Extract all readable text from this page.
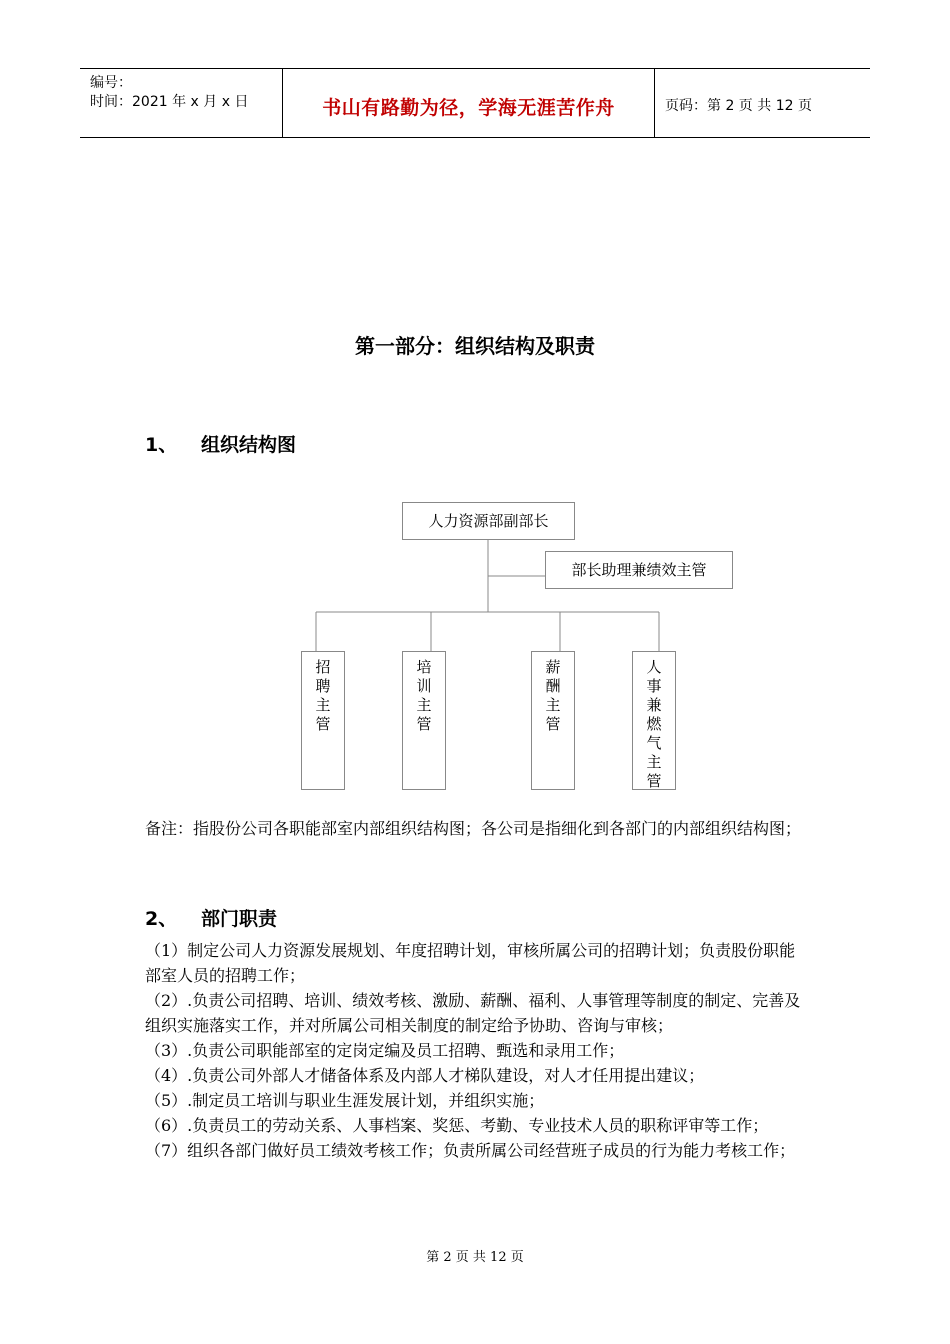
编号：
时间：2021 年 x 月 x 日	书山有路勤为径，学海无涯苦作舟	页码：第 2 页 共 12 页
第一部分：组织结构及职责
1、 组织结构图
人力资源部副部长
部长助理兼绩效主管
招聘主管
培训主管
薪酬主管
人事兼燃气主管
备注：指股份公司各职能部室内部组织结构图；各公司是指细化到各部门的内部组织结构图；
2、 部门职责

（1）制定公司人力资源发展规划、年度招聘计划，审核所属公司的招聘计划；负责股份职能部室人员的招聘工作；

（2）.负责公司招聘、培训、绩效考核、激励、薪酬、福利、人事管理等制度的制定、完善及组织实施落实工作，并对所属公司相关制度的制定给予协助、咨询与审核；

（3）.负责公司职能部室的定岗定编及员工招聘、甄选和录用工作；

（4）.负责公司外部人才储备体系及内部人才梯队建设，对人才任用提出建议；

（5）.制定员工培训与职业生涯发展计划，并组织实施；

（6）.负责员工的劳动关系、人事档案、奖惩、考勤、专业技术人员的职称评审等工作；

（7）组织各部门做好员工绩效考核工作；负责所属公司经营班子成员的行为能力考核工作；

第 2 页 共 12 页
